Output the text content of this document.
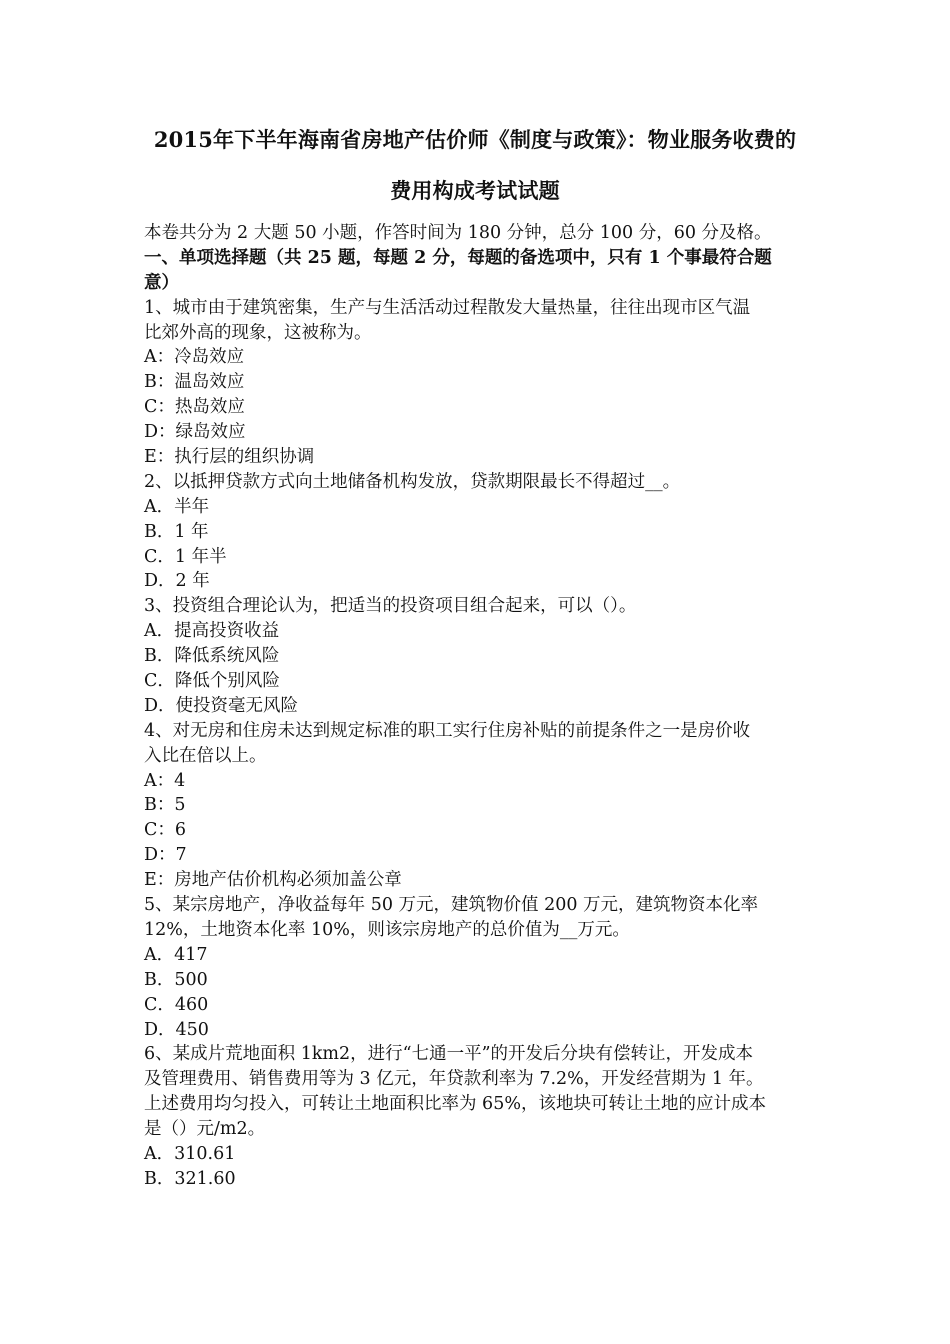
2015年下半年海南省房地产估价师《制度与政策》：物业服务收费的
费用构成考试试题
本卷共分为 2 大题 50 小题，作答时间为 180 分钟，总分 100 分，60 分及格。
一、单项选择题（共 25 题，每题 2 分，每题的备选项中，只有 1 个事最符合题
意）
1、城市由于建筑密集，生产与生活活动过程散发大量热量，往往出现市区气温
比郊外高的现象，这被称为。
A：冷岛效应
B：温岛效应
C：热岛效应
D：绿岛效应
E：执行层的组织协调
2、以抵押贷款方式向土地储备机构发放，贷款期限最长不得超过__。
A．半年
B．1 年
C．1 年半
D．2 年
3、投资组合理论认为，把适当的投资项目组合起来，可以（）。
A．提高投资收益
B．降低系统风险
C．降低个别风险
D．使投资毫无风险
4、对无房和住房未达到规定标准的职工实行住房补贴的前提条件之一是房价收
入比在倍以上。
A：4
B：5
C：6
D：7
E：房地产估价机构必须加盖公章
5、某宗房地产，净收益每年 50 万元，建筑物价值 200 万元，建筑物资本化率
12%，土地资本化率 10%，则该宗房地产的总价值为__万元。
A．417
B．500
C．460
D．450
6、某成片荒地面积 1km2，进行“七通一平”的开发后分块有偿转让，开发成本
及管理费用、销售费用等为 3 亿元，年贷款利率为 7.2%，开发经营期为 1 年。
上述费用均匀投入，可转让土地面积比率为 65%，该地块可转让土地的应计成本
是（）元/m2。
A．310.61
B．321.60
